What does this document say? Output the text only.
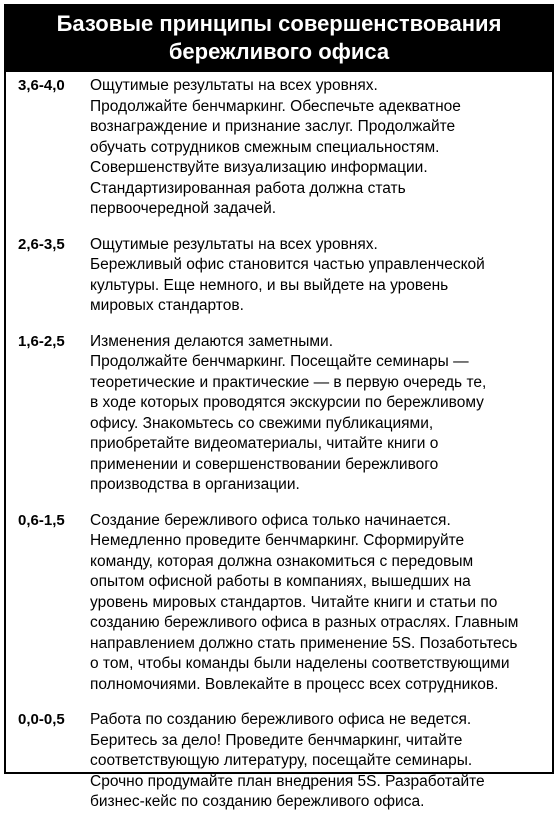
Базовые принципы совершенствования
бережливого офиса
3,6-4,0	Ощутимые результаты на всех уровнях.
Продолжайте бенчмаркинг. Обеспечьте адекватное
вознаграждение и признание заслуг. Продолжайте
обучать сотрудников смежным специальностям.
Совершенствуйте визуализацию информации.
Стандартизированная работа должна стать
первоочередной задачей.
2,6-3,5	Ощутимые результаты на всех уровнях.
Бережливый офис становится частью управленческой
культуры. Еще немного, и вы выйдете на уровень
мировых стандартов.
1,6-2,5	Изменения делаются заметными.
Продолжайте бенчмаркинг. Посещайте семинары —
теоретические и практические — в первую очередь те,
в ходе которых проводятся экскурсии по бережливому
офису. Знакомьтесь со свежими публикациями,
приобретайте видеоматериалы, читайте книги о
применении и совершенствовании бережливого
производства в организации.
0,6-1,5	Создание бережливого офиса только начинается.
Немедленно проведите бенчмаркинг. Сформируйте
команду, которая должна ознакомиться с передовым
опытом офисной работы в компаниях, вышедших на
уровень мировых стандартов. Читайте книги и статьи по
созданию бережливого офиса в разных отраслях. Главным
направлением должно стать применение 5S. Позаботьтесь
о том, чтобы команды были наделены соответствующими
полномочиями. Вовлекайте в процесс всех сотрудников.
0,0-0,5	Работа по созданию бережливого офиса не ведется.
Беритесь за дело! Проведите бенчмаркинг, читайте
соответствующую литературу, посещайте семинары.
Срочно продумайте план внедрения 5S. Разработайте
бизнес-кейс по созданию бережливого офиса.
